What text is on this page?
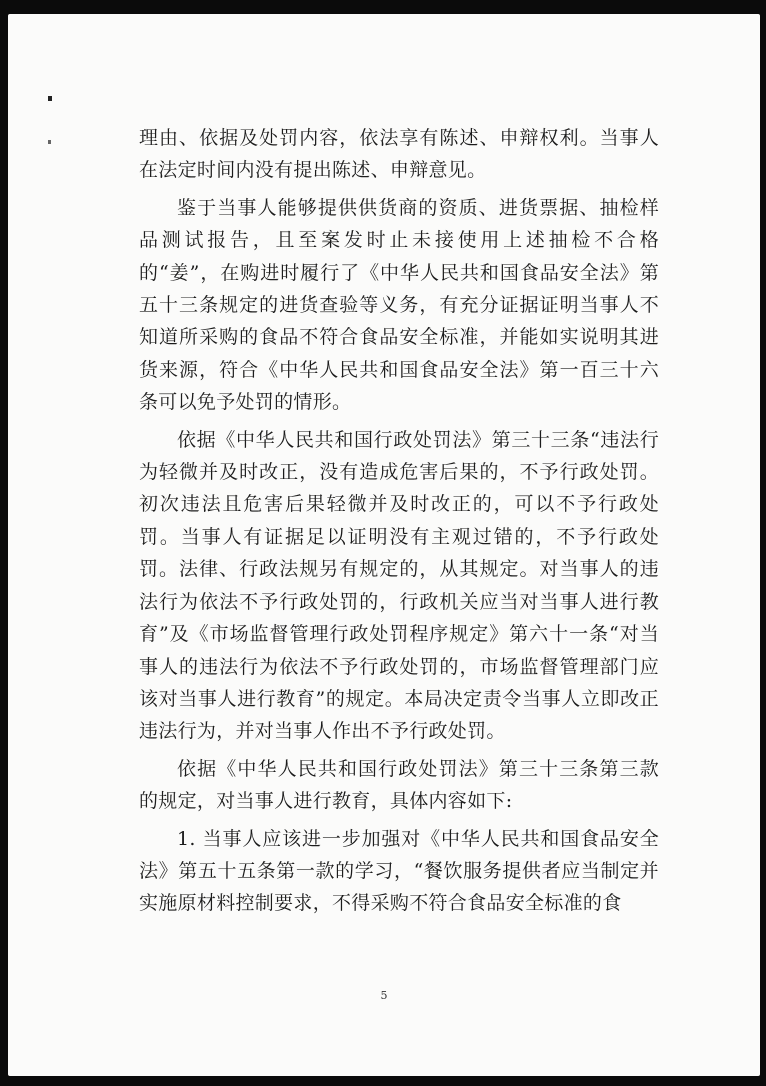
理由、依据及处罚内容，依法享有陈述、申辩权利。当事人在法定时间内没有提出陈述、申辩意见。

鉴于当事人能够提供供货商的资质、进货票据、抽检样品测试报告，且至案发时止未接使用上述抽检不合格的“姜”，在购进时履行了《中华人民共和国食品安全法》第五十三条规定的进货查验等义务，有充分证据证明当事人不知道所采购的食品不符合食品安全标准，并能如实说明其进货来源，符合《中华人民共和国食品安全法》第一百三十六条可以免予处罚的情形。

依据《中华人民共和国行政处罚法》第三十三条“违法行为轻微并及时改正，没有造成危害后果的，不予行政处罚。初次违法且危害后果轻微并及时改正的，可以不予行政处罚。当事人有证据足以证明没有主观过错的，不予行政处罚。法律、行政法规另有规定的，从其规定。对当事人的违法行为依法不予行政处罚的，行政机关应当对当事人进行教育”及《市场监督管理行政处罚程序规定》第六十一条“对当事人的违法行为依法不予行政处罚的，市场监督管理部门应该对当事人进行教育”的规定。本局决定责令当事人立即改正违法行为，并对当事人作出不予行政处罚。

依据《中华人民共和国行政处罚法》第三十三条第三款的规定，对当事人进行教育，具体内容如下:

1. 当事人应该进一步加强对《中华人民共和国食品安全法》第五十五条第一款的学习，“餐饮服务提供者应当制定并实施原材料控制要求，不得采购不符合食品安全标准的食

5
